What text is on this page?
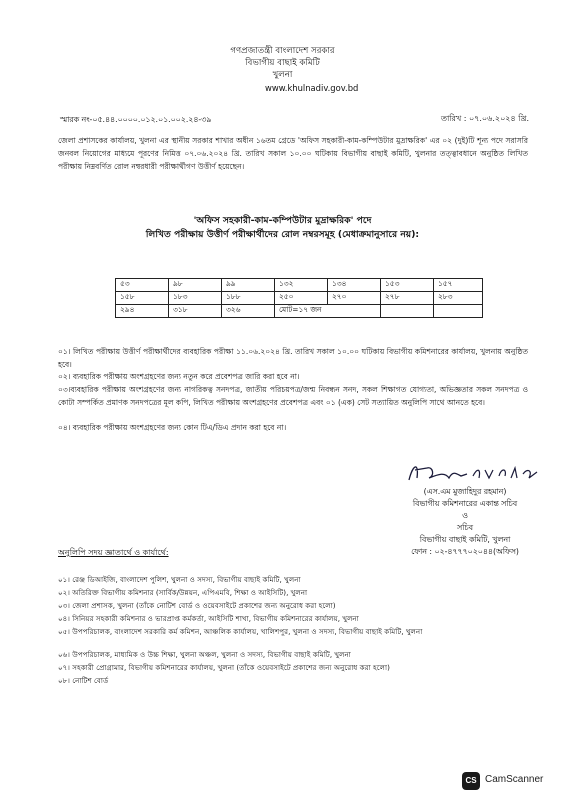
গণপ্রজাতন্ত্রী বাংলাদেশ সরকার
বিভাগীয় বাছাই কমিটি
খুলনা
www.khulnadiv.gov.bd
স্মারক নং-০৫.৪৪.০০০০.০১২.০১.০০২.২৪-৩৯	তারিখ : ০৭.০৬.২০২৪ খ্রি.
জেলা প্রশাসকের কার্যালয়, খুলনা এর স্থানীয় সরকার শাখার অধীন ১৬তম গ্রেডে 'অফিস সহকারী-কাম-কম্পিউটার মুদ্রাক্ষরিক' এর ০২ (দুই)টি শূন্য পদে সরাসরি জনবল নিয়োগের মাধ্যমে পূরণের নিমিত্ত ০৭.০৬.২০২৪ খ্রি. তারিখ সকাল ১০.০০ ঘটিকায় বিভাগীয় বাছাই কমিটি, খুলনার তত্ত্বাবধানে অনুষ্ঠিত লিখিত পরীক্ষায় নিম্নবর্ণিত রোল নম্বরধারী পরীক্ষার্থীগণ উত্তীর্ণ হয়েছেন।
'অফিস সহকারী-কাম-কম্পিউটার মুদ্রাক্ষরিক' পদে
লিখিত পরীক্ষায় উত্তীর্ণ পরীক্ষার্থীদের রোল নম্বরসমূহ (মেধাক্রমানুসারে নয়):
৫৩	৯৮	৯৯	১৩২	১৩৪	১৫৩	১৫৭
১৫৮	১৮৩	১৮৮	২৫০	২৭০	২৭৮	২৮৩
২৯৪	৩১৮	৩২৬	মোট=১৭ জন			
০১। লিখিত পরীক্ষায় উত্তীর্ণ পরীক্ষার্থীদের ব্যবহারিক পরীক্ষা ১১.০৬.২০২৪ খ্রি. তারিখ সকাল ১০.০০ ঘটিকায় বিভাগীয় কমিশনারের কার্যালয়, খুলনায় অনুষ্ঠিত হবে।
০২। ব্যবহারিক পরীক্ষায় অংশগ্রহণের জন্য নতুন করে প্রবেশপত্র জারি করা হবে না।
০৩।ব্যবহারিক পরীক্ষায় অংশগ্রহণের জন্য নাগরিকত্ব সনদপত্র, জাতীয় পরিচয়পত্র/জন্ম নিবন্ধন সনদ, সকল শিক্ষাগত যোগ্যতা, অভিজ্ঞতার সকল সনদপত্র ও কোটা সম্পর্কিত প্রমাণক সনদপত্রের মূল কপি, লিখিত পরীক্ষায় অংশগ্রহণের প্রবেশপত্র এবং ০১ (এক) সেট সত্যায়িত অনুলিপি সাথে আনতে হবে।
০৪। ব্যবহারিক পরীক্ষায় অংশগ্রহণের জন্য কোন টিএ/ডিএ প্রদান করা হবে না।
(এস.এম মুজাহিদুর রহমান)
বিভাগীয় কমিশনারের একান্ত সচিব
ও
সচিব
বিভাগীয় বাছাই কমিটি, খুলনা
ফোন : ০২-৪৭৭৭০২০৪৪(অফিস)
অনুলিপি সদয় জ্ঞাতার্থে ও কার্যার্থে:
০১। রেঞ্জ ডিআইজি, বাংলাদেশ পুলিশ, খুলনা ও সদস্য, বিভাগীয় বাছাই কমিটি, খুলনা
০২। অতিরিক্ত বিভাগীয় কমিশনার (সার্বিক/উন্নয়ন, এপিএমবি, শিক্ষা ও আইসিটি), খুলনা
০৩। জেলা প্রশাসক, খুলনা (তাঁকে নোটিশ বোর্ড ও ওয়েবসাইটে প্রকাশের জন্য অনুরোধ করা হলো)
০৪। সিনিয়র সহকারী কমিশনার ও ভারপ্রাপ্ত কর্মকর্তা, আইসিটি শাখা, বিভাগীয় কমিশনারের কার্যালয়, খুলনা
০৫। উপপরিচালক, বাংলাদেশ সরকারি কর্ম কমিশন, আঞ্চলিক কার্যালয়, খালিশপুর, খুলনা ও সদস্য, বিভাগীয় বাছাই কমিটি, খুলনা
০৬। উপপরিচালক, মাধ্যমিক ও উচ্চ শিক্ষা, খুলনা অঞ্চল, খুলনা ও সদস্য, বিভাগীয় বাছাই কমিটি, খুলনা
০৭। সহকারী প্রোগ্রামার, বিভাগীয় কমিশনারের কার্যালয়, খুলনা (তাঁকে ওয়েবসাইটে প্রকাশের জন্য অনুরোধ করা হলো)
০৮। নোটিশ বোর্ড
CS CamScanner
